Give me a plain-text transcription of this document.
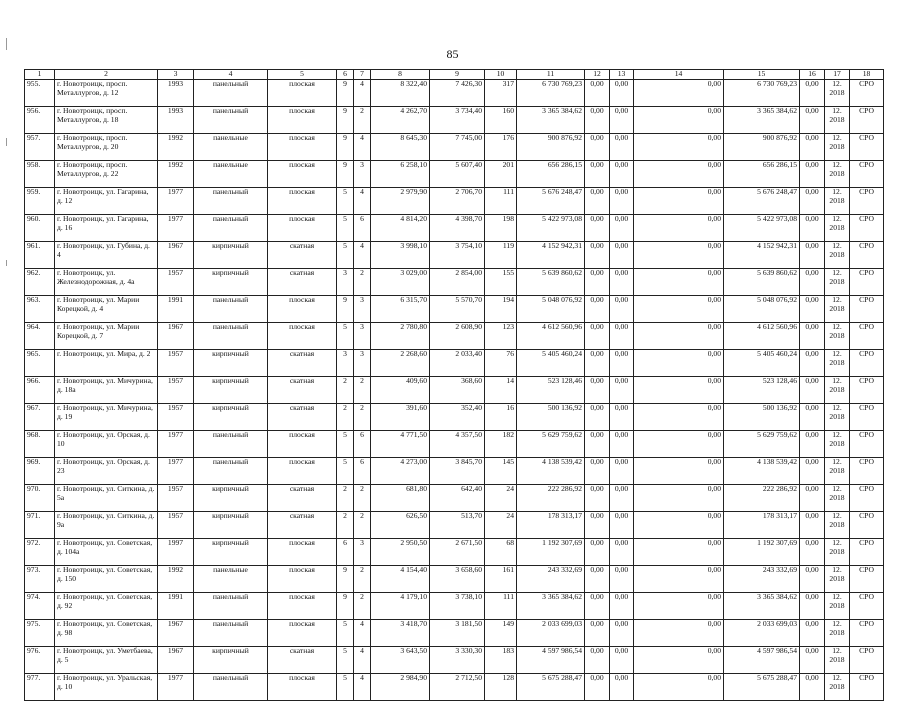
85
1	2	3	4	5	6	7	8	9	10	11	12	13	14	15	16	17	18
955.	г. Новотроицк, просп. Металлургов, д. 12	1993	панельный	плоская	9	4	8 322,40	7 426,30	317	6 730 769,23	0,00	0,00	0,00	6 730 769,23	0,00	12. 2018	СРО
956.	г. Новотроицк, просп. Металлургов, д. 18	1993	панельный	плоская	9	2	4 262,70	3 734,40	160	3 365 384,62	0,00	0,00	0,00	3 365 384,62	0,00	12. 2018	СРО
957.	г. Новотроицк, просп. Металлургов, д. 20	1992	панельные	плоская	9	4	8 645,30	7 745,00	176	900 876,92	0,00	0,00	0,00	900 876,92	0,00	12. 2018	СРО
958.	г. Новотроицк, просп. Металлургов, д. 22	1992	панельные	плоская	9	3	6 258,10	5 607,40	201	656 286,15	0,00	0,00	0,00	656 286,15	0,00	12. 2018	СРО
959.	г. Новотроицк, ул. Гагарина, д. 12	1977	панельный	плоская	5	4	2 979,90	2 706,70	111	5 676 248,47	0,00	0,00	0,00	5 676 248,47	0,00	12. 2018	СРО
960.	г. Новотроицк, ул. Гагарина, д. 16	1977	панельный	плоская	5	6	4 814,20	4 398,70	198	5 422 973,08	0,00	0,00	0,00	5 422 973,08	0,00	12. 2018	СРО
961.	г. Новотроицк, ул. Губина, д. 4	1967	кирпичный	скатная	5	4	3 998,10	3 754,10	119	4 152 942,31	0,00	0,00	0,00	4 152 942,31	0,00	12. 2018	СРО
962.	г. Новотроицк, ул. Железнодорожная, д. 4а	1957	кирпичный	скатная	3	2	3 029,00	2 854,00	155	5 639 860,62	0,00	0,00	0,00	5 639 860,62	0,00	12. 2018	СРО
963.	г. Новотроицк, ул. Марии Корецкой, д. 4	1991	панельный	плоская	9	3	6 315,70	5 570,70	194	5 048 076,92	0,00	0,00	0,00	5 048 076,92	0,00	12. 2018	СРО
964.	г. Новотроицк, ул. Марии Корецкой, д. 7	1967	панельный	плоская	5	3	2 780,80	2 608,90	123	4 612 560,96	0,00	0,00	0,00	4 612 560,96	0,00	12. 2018	СРО
965.	г. Новотроицк, ул. Мира, д. 2	1957	кирпичный	скатная	3	3	2 268,60	2 033,40	76	5 405 460,24	0,00	0,00	0,00	5 405 460,24	0,00	12. 2018	СРО
966.	г. Новотроицк, ул. Мичурина, д. 18а	1957	кирпичный	скатная	2	2	409,60	368,60	14	523 128,46	0,00	0,00	0,00	523 128,46	0,00	12. 2018	СРО
967.	г. Новотроицк, ул. Мичурина, д. 19	1957	кирпичный	скатная	2	2	391,60	352,40	16	500 136,92	0,00	0,00	0,00	500 136,92	0,00	12. 2018	СРО
968.	г. Новотроицк, ул. Орская, д. 10	1977	панельный	плоская	5	6	4 771,50	4 357,50	182	5 629 759,62	0,00	0,00	0,00	5 629 759,62	0,00	12. 2018	СРО
969.	г. Новотроицк, ул. Орская, д. 23	1977	панельный	плоская	5	6	4 273,00	3 845,70	145	4 138 539,42	0,00	0,00	0,00	4 138 539,42	0,00	12. 2018	СРО
970.	г. Новотроицк, ул. Ситкина, д. 5а	1957	кирпичный	скатная	2	2	681,80	642,40	24	222 286,92	0,00	0,00	0,00	222 286,92	0,00	12. 2018	СРО
971.	г. Новотроицк, ул. Ситкина, д. 9а	1957	кирпичный	скатная	2	2	626,50	513,70	24	178 313,17	0,00	0,00	0,00	178 313,17	0,00	12. 2018	СРО
972.	г. Новотроицк, ул. Советская, д. 104а	1997	кирпичный	плоская	6	3	2 950,50	2 671,50	68	1 192 307,69	0,00	0,00	0,00	1 192 307,69	0,00	12. 2018	СРО
973.	г. Новотроицк, ул. Советская, д. 150	1992	панельные	плоская	9	2	4 154,40	3 658,60	161	243 332,69	0,00	0,00	0,00	243 332,69	0,00	12. 2018	СРО
974.	г. Новотроицк, ул. Советская, д. 92	1991	панельный	плоская	9	2	4 179,10	3 738,10	111	3 365 384,62	0,00	0,00	0,00	3 365 384,62	0,00	12. 2018	СРО
975.	г. Новотроицк, ул. Советская, д. 98	1967	панельный	плоская	5	4	3 418,70	3 181,50	149	2 033 699,03	0,00	0,00	0,00	2 033 699,03	0,00	12. 2018	СРО
976.	г. Новотроицк, ул. Уметбаева, д. 5	1967	кирпичный	скатная	5	4	3 643,50	3 330,30	183	4 597 986,54	0,00	0,00	0,00	4 597 986,54	0,00	12. 2018	СРО
977.	г. Новотроицк, ул. Уральская, д. 10	1977	панельный	плоская	5	4	2 984,90	2 712,50	128	5 675 288,47	0,00	0,00	0,00	5 675 288,47	0,00	12. 2018	СРО
